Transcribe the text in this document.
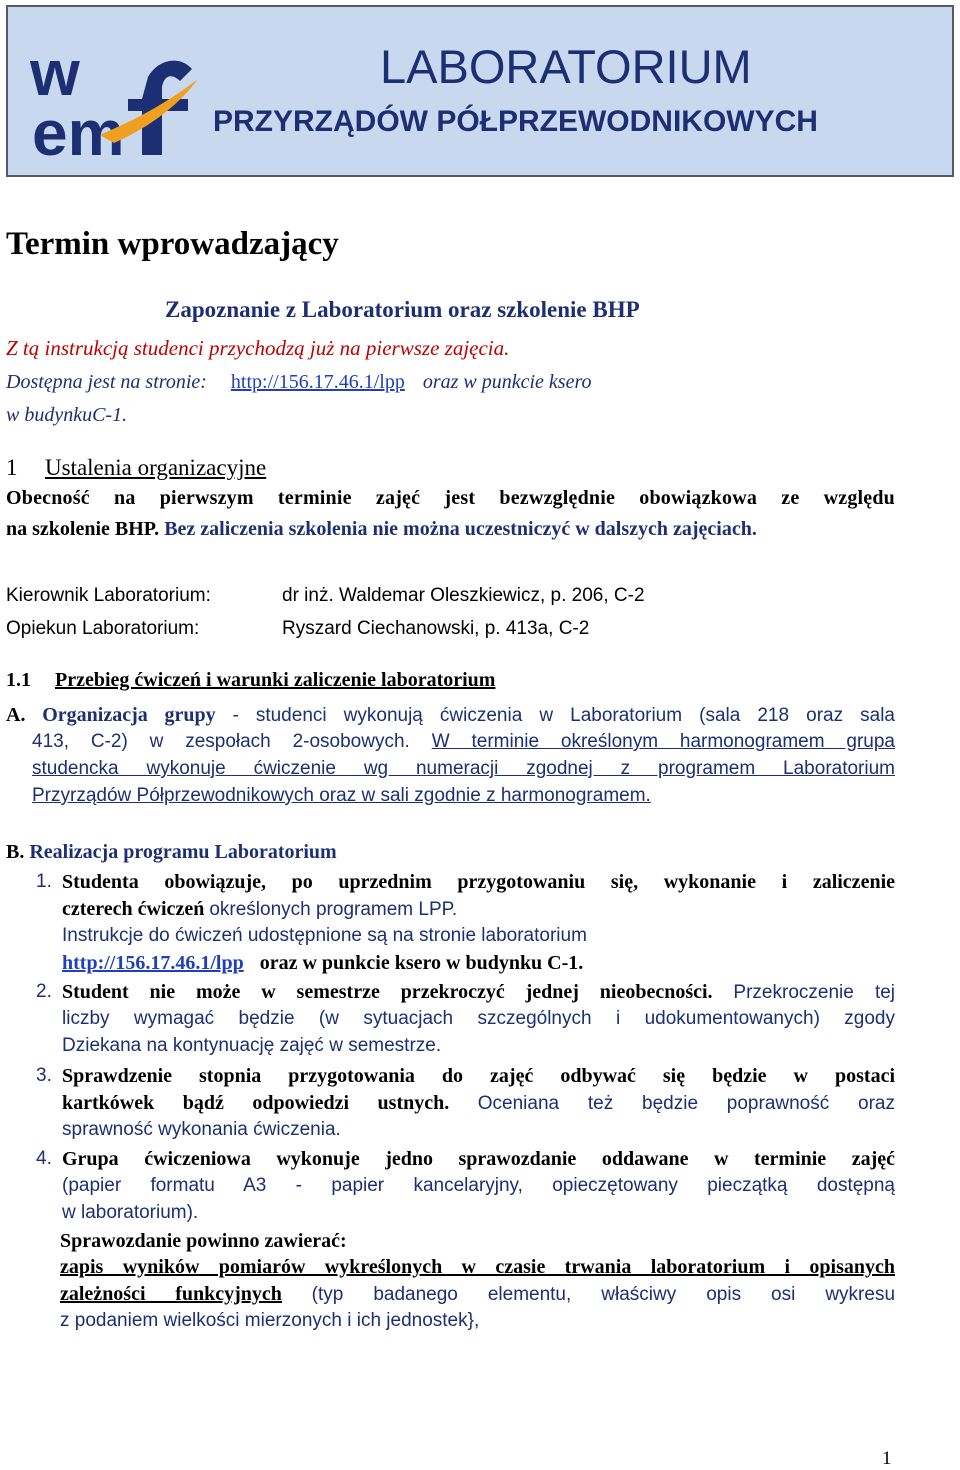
w
em
LABORATORIUM
PRZYRZĄDÓW PÓŁPRZEWODNIKOWYCH
Termin wprowadzający
Zapoznanie z Laboratorium oraz szkolenie BHP
Z tą instrukcją studenci przychodzą już na pierwsze zajęcia.
Dostępna jest na stronie: http://156.17.46.1/lpp oraz w punkcie ksero
w budynkuC-1.
1 Ustalenia organizacyjne
Obecność na pierwszym terminie zajęć jest bezwzględnie obowiązkowa ze względu
na szkolenie BHP. Bez zaliczenia szkolenia nie można uczestniczyć w dalszych zajęciach.
Kierownik Laboratorium:	dr inż. Waldemar Oleszkiewicz, p. 206, C-2
Opiekun Laboratorium:	Ryszard Ciechanowski, p. 413a, C-2
1.1 Przebieg ćwiczeń i warunki zaliczenie laboratorium
A. Organizacja grupy - studenci wykonują ćwiczenia w Laboratorium (sala 218 oraz sala
413, C-2) w zespołach 2-osobowych. W terminie określonym harmonogramem grupa
studencka wykonuje ćwiczenie wg numeracji zgodnej z programem Laboratorium
Przyrządów Półprzewodnikowych oraz w sali zgodnie z harmonogramem.
B. Realizacja programu Laboratorium
1. Studenta obowiązuje, po uprzednim przygotowaniu się, wykonanie i zaliczenie
czterech ćwiczeń określonych programem LPP.
Instrukcje do ćwiczeń udostępnione są na stronie laboratorium
http://156.17.46.1/lpp oraz w punkcie ksero w budynku C-1.
2. Student nie może w semestrze przekroczyć jednej nieobecności. Przekroczenie tej
liczby wymagać będzie (w sytuacjach szczególnych i udokumentowanych) zgody
Dziekana na kontynuację zajęć w semestrze.
3. Sprawdzenie stopnia przygotowania do zajęć odbywać się będzie w postaci
kartkówek bądź odpowiedzi ustnych. Oceniana też będzie poprawność oraz
sprawność wykonania ćwiczenia.
4. Grupa ćwiczeniowa wykonuje jedno sprawozdanie oddawane w terminie zajęć
(papier formatu A3 - papier kancelaryjny, opieczętowany pieczątką dostępną
w laboratorium).
Sprawozdanie powinno zawierać:
zapis wyników pomiarów wykreślonych w czasie trwania laboratorium i opisanych
zależności funkcyjnych (typ badanego elementu, właściwy opis osi wykresu
z podaniem wielkości mierzonych i ich jednostek},
1
